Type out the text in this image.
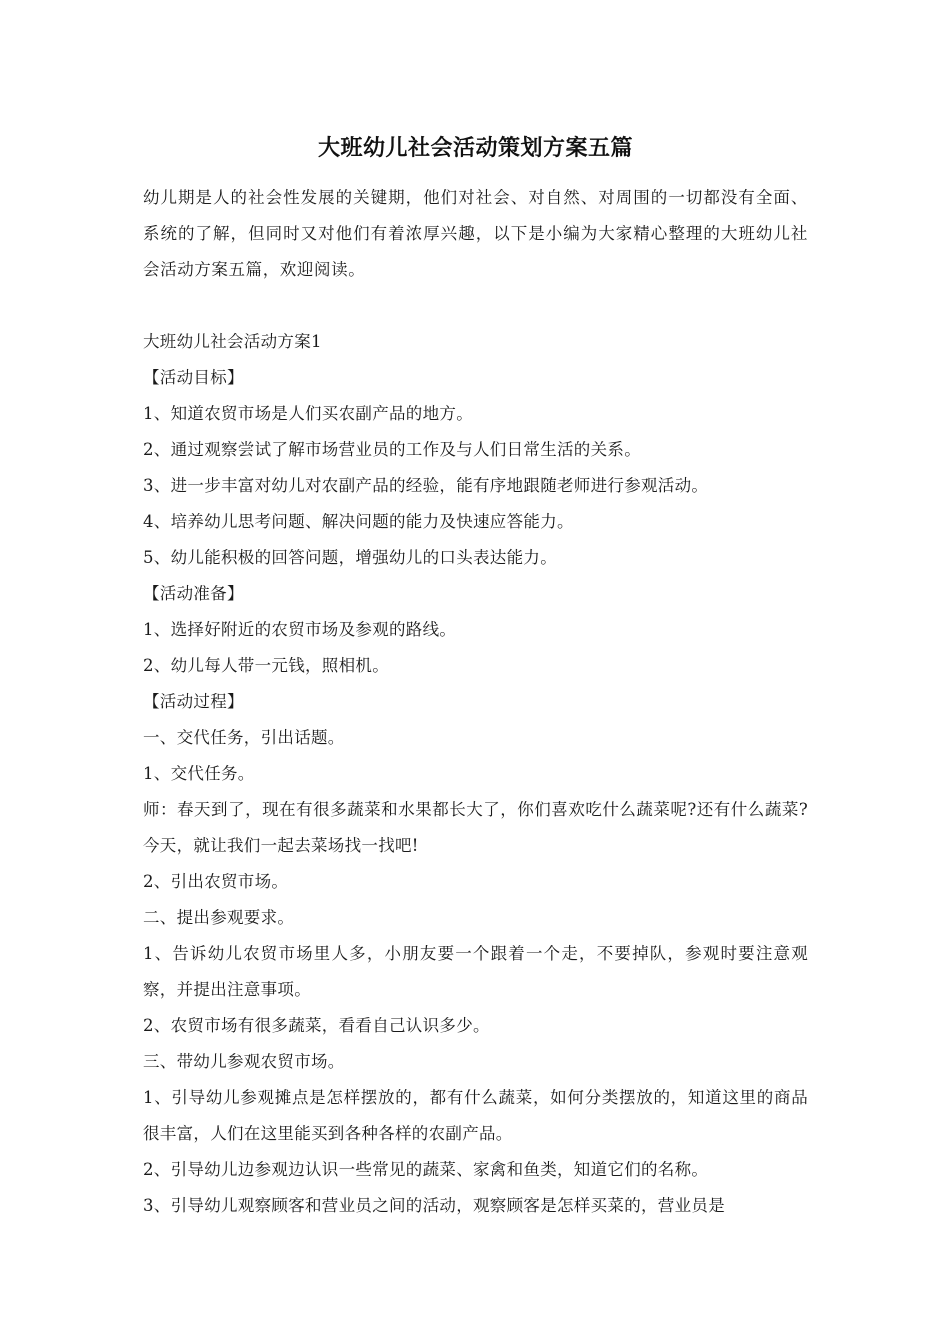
大班幼儿社会活动策划方案五篇

幼儿期是人的社会性发展的关键期，他们对社会、对自然、对周围的一切都没有全面、系统的了解，但同时又对他们有着浓厚兴趣，以下是小编为大家精心整理的大班幼儿社会活动方案五篇，欢迎阅读。

大班幼儿社会活动方案1

【活动目标】

1、知道农贸市场是人们买农副产品的地方。

2、通过观察尝试了解市场营业员的工作及与人们日常生活的关系。

3、进一步丰富对幼儿对农副产品的经验，能有序地跟随老师进行参观活动。

4、培养幼儿思考问题、解决问题的能力及快速应答能力。

5、幼儿能积极的回答问题，增强幼儿的口头表达能力。

【活动准备】

1、选择好附近的农贸市场及参观的路线。

2、幼儿每人带一元钱，照相机。

【活动过程】

一、交代任务，引出话题。

1、交代任务。

师：春天到了，现在有很多蔬菜和水果都长大了，你们喜欢吃什么蔬菜呢?还有什么蔬菜?今天，就让我们一起去菜场找一找吧!

2、引出农贸市场。

二、提出参观要求。

1、告诉幼儿农贸市场里人多，小朋友要一个跟着一个走，不要掉队，参观时要注意观察，并提出注意事项。

2、农贸市场有很多蔬菜，看看自己认识多少。

三、带幼儿参观农贸市场。

1、引导幼儿参观摊点是怎样摆放的，都有什么蔬菜，如何分类摆放的，知道这里的商品很丰富，人们在这里能买到各种各样的农副产品。

2、引导幼儿边参观边认识一些常见的蔬菜、家禽和鱼类，知道它们的名称。

3、引导幼儿观察顾客和营业员之间的活动，观察顾客是怎样买菜的，营业员是
